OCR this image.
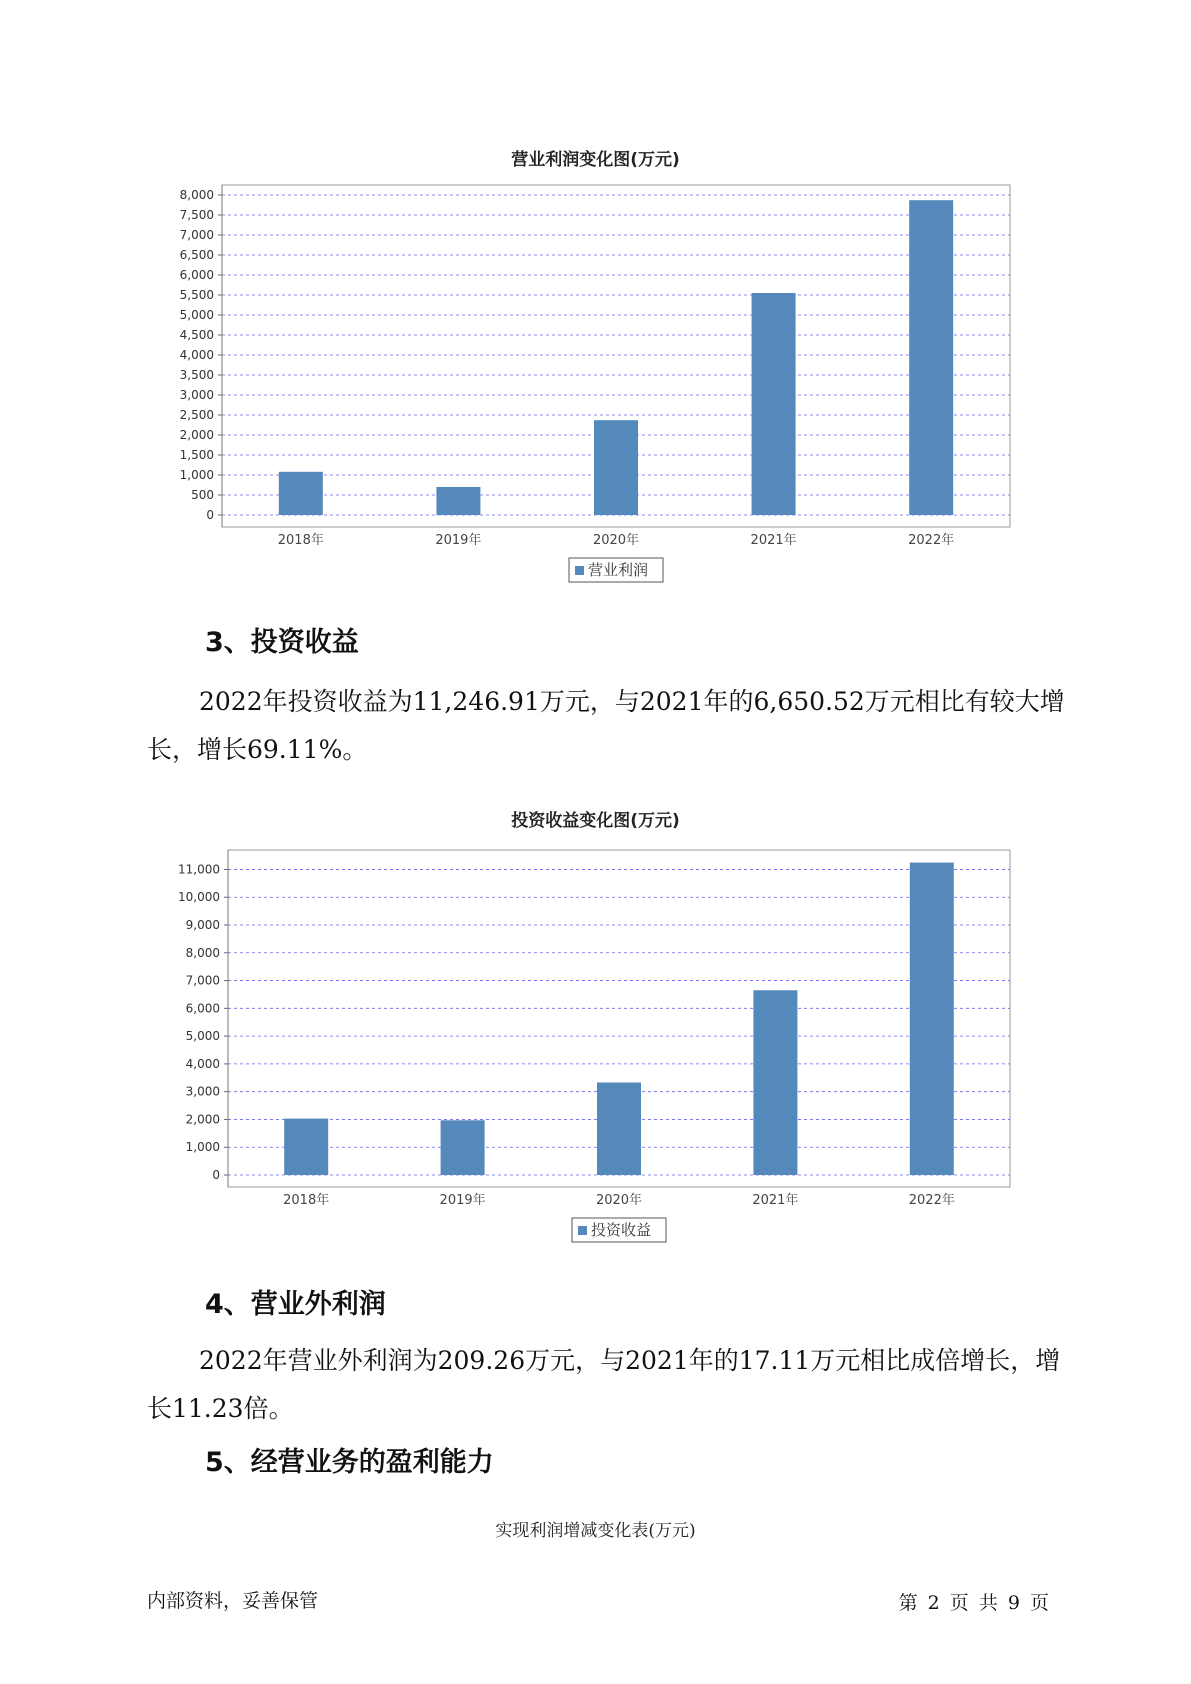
营业利润变化图(万元)
0
500
1,000
1,500
2,000
2,500
3,000
3,500
4,000
4,500
5,000
5,500
6,000
6,500
7,000
7,500
8,000
2018年	2019年	2020年	2021年	2022年
营业利润
3、投资收益
2022年投资收益为11,246.91万元，与2021年的6,650.52万元相比有较大增长，增长69.11%。
投资收益变化图(万元)
0
1,000
2,000
3,000
4,000
5,000
6,000
7,000
8,000
9,000
10,000
11,000
2018年	2019年	2020年	2021年	2022年
投资收益
4、营业外利润
2022年营业外利润为209.26万元，与2021年的17.11万元相比成倍增长，增长11.23倍。
5、经营业务的盈利能力
实现利润增减变化表(万元)
内部资料，妥善保管	第 2 页 共 9 页
